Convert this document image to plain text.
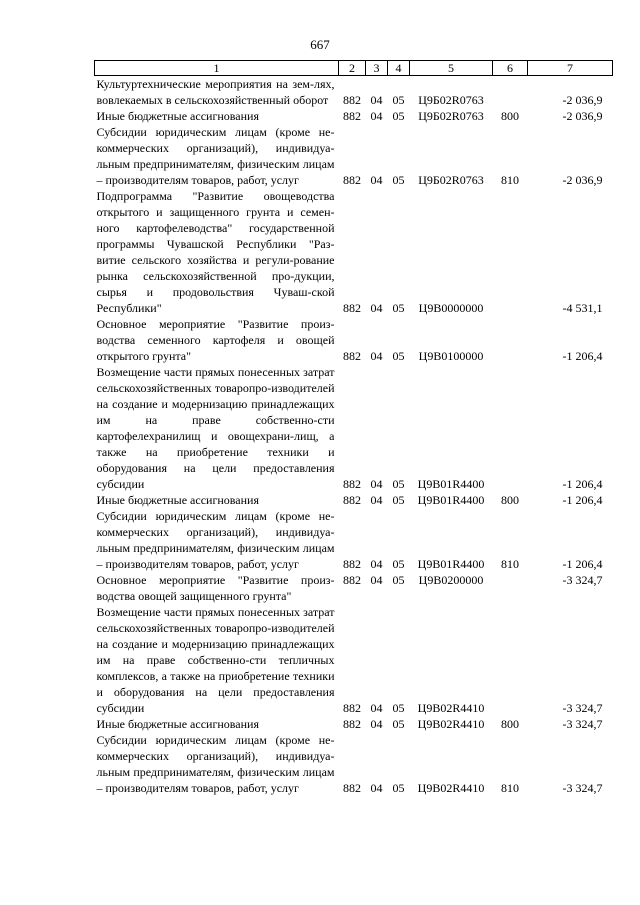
667
1	2	3	4	5	6	7
Культуртехнические мероприятия на зем-лях, вовлекаемых в сельскохозяйственный оборот	882	04	05	Ц9Б02R0763		-2 036,9
Иные бюджетные ассигнования	882	04	05	Ц9Б02R0763	800	-2 036,9
Субсидии юридическим лицам (кроме не-коммерческих организаций), индивидуа-льным предпринимателям, физическим лицам – производителям товаров, работ, услуг	882	04	05	Ц9Б02R0763	810	-2 036,9
Подпрограмма "Развитие овощеводства открытого и защищенного грунта и семен-ного картофелеводства" государственной программы Чувашской Республики "Раз-витие сельского хозяйства и регули-рование рынка сельскохозяйственной про-дукции, сырья и продовольствия Чуваш-ской Республики"	882	04	05	Ц9В0000000		-4 531,1
Основное мероприятие "Развитие произ-водства семенного картофеля и овощей открытого грунта"	882	04	05	Ц9В0100000		-1 206,4
Возмещение части прямых понесенных затрат сельскохозяйственных товаропро-изводителей на создание и модернизацию принадлежащих им на праве собственно-сти картофелехранилищ и овощехрани-лищ, а также на приобретение техники и оборудования на цели предоставления субсидии	882	04	05	Ц9В01R4400		-1 206,4
Иные бюджетные ассигнования	882	04	05	Ц9В01R4400	800	-1 206,4
Субсидии юридическим лицам (кроме не-коммерческих организаций), индивидуа-льным предпринимателям, физическим лицам – производителям товаров, работ, услуг	882	04	05	Ц9В01R4400	810	-1 206,4
Основное мероприятие "Развитие произ-водства овощей защищенного грунта"	882	04	05	Ц9В0200000		-3 324,7
Возмещение части прямых понесенных затрат сельскохозяйственных товаропро-изводителей на создание и модернизацию принадлежащих им на праве собственно-сти тепличных комплексов, а также на приобретение техники и оборудования на цели предоставления субсидии	882	04	05	Ц9В02R4410		-3 324,7
Иные бюджетные ассигнования	882	04	05	Ц9В02R4410	800	-3 324,7
Субсидии юридическим лицам (кроме не-коммерческих организаций), индивидуа-льным предпринимателям, физическим лицам – производителям товаров, работ, услуг	882	04	05	Ц9В02R4410	810	-3 324,7
